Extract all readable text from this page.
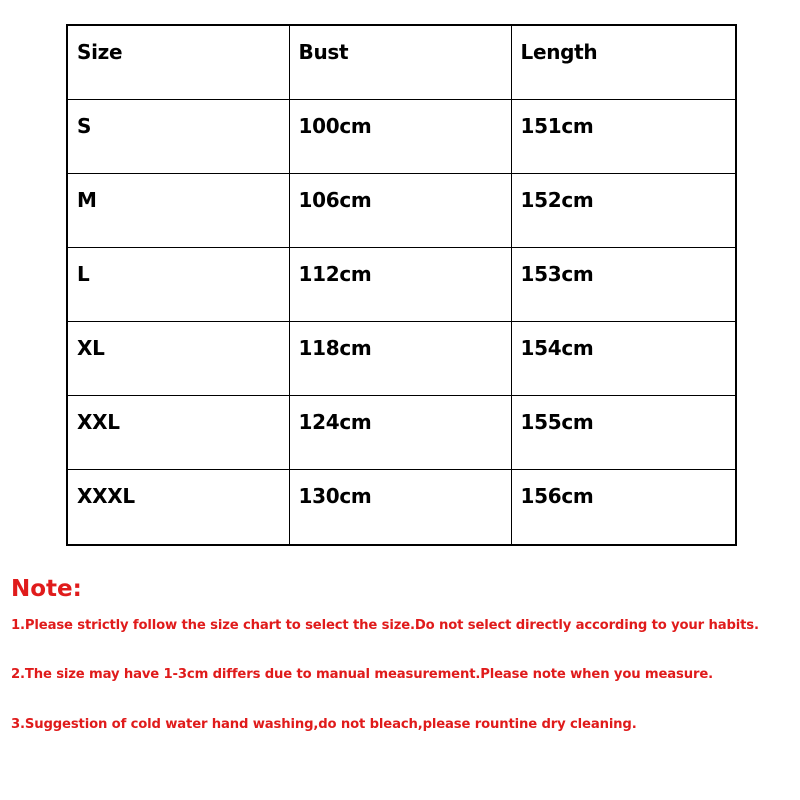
Size	Bust	Length
S	100cm	151cm
M	106cm	152cm
L	112cm	153cm
XL	118cm	154cm
XXL	124cm	155cm
XXXL	130cm	156cm
Note:
1.Please strictly follow the size chart to select the size.Do not select directly according to your habits.
2.The size may have 1-3cm differs due to manual measurement.Please note when you measure.
3.Suggestion of cold water hand washing,do not bleach,please rountine dry cleaning.
